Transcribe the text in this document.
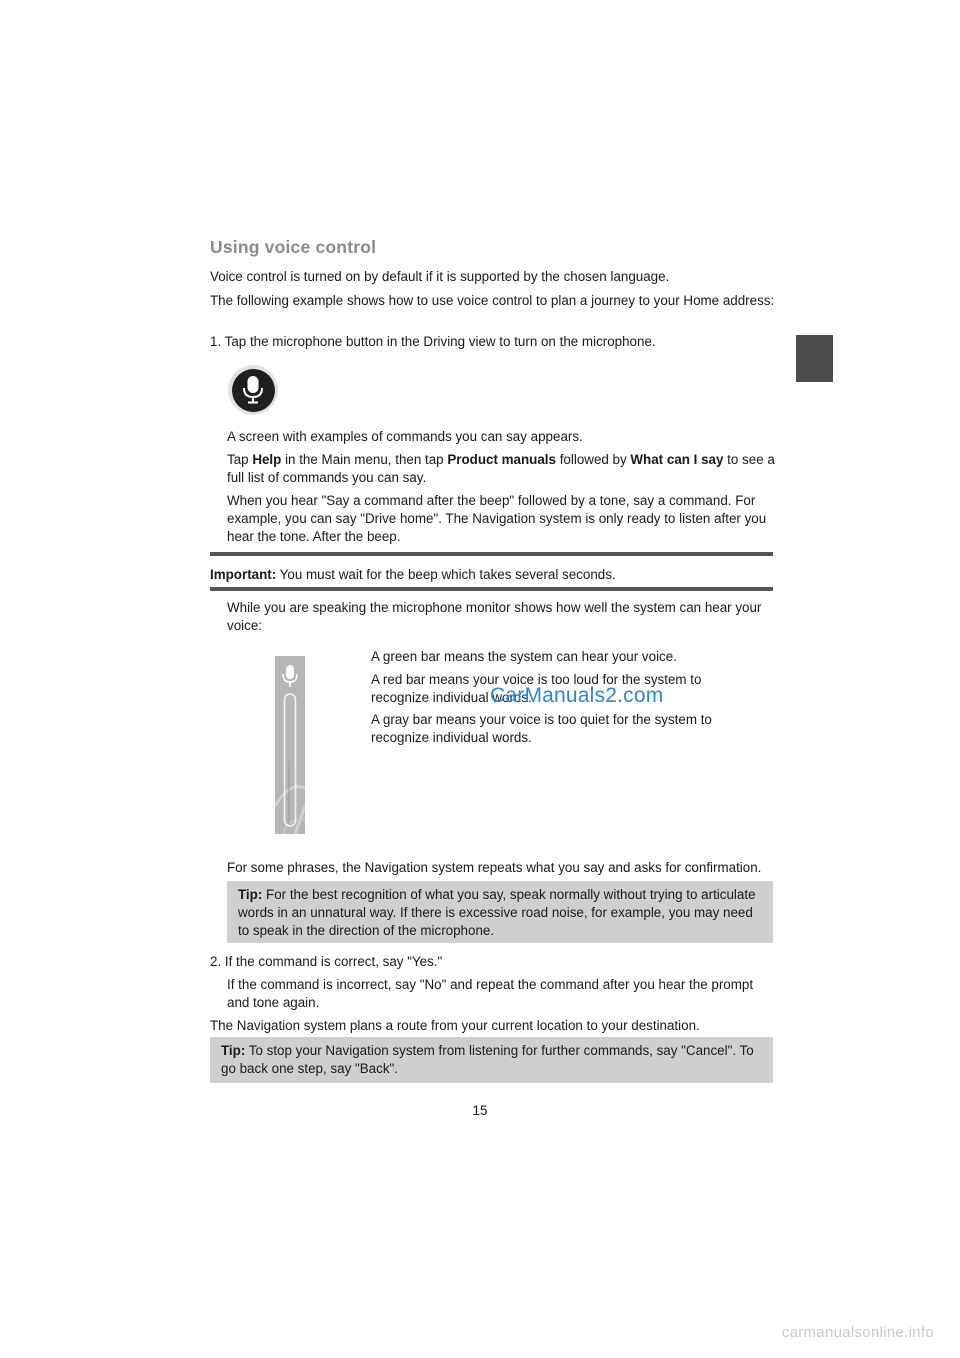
Using voice control

Voice control is turned on by default if it is supported by the chosen language.

The following example shows how to use voice control to plan a journey to your Home address:

1. Tap the microphone button in the Driving view to turn on the microphone.

A screen with examples of commands you can say appears.

Tap Help in the Main menu, then tap Product manuals followed by What can I say to see a full list of commands you can say.

When you hear "Say a command after the beep" followed by a tone, say a command. For example, you can say "Drive home". The Navigation system is only ready to listen after you hear the tone. After the beep.

Important: You must wait for the beep which takes several seconds.

While you are speaking the microphone monitor shows how well the system can hear your voice:

A green bar means the system can hear your voice.

A red bar means your voice is too loud for the system to recognize individual words.

A gray bar means your voice is too quiet for the system to recognize individual words.

CarManuals2.com

For some phrases, the Navigation system repeats what you say and asks for confirmation.

Tip: For the best recognition of what you say, speak normally without trying to articulate words in an unnatural way. If there is excessive road noise, for example, you may need to speak in the direction of the microphone.

2. If the command is correct, say "Yes."

If the command is incorrect, say "No" and repeat the command after you hear the prompt and tone again.

The Navigation system plans a route from your current location to your destination.

Tip: To stop your Navigation system from listening for further commands, say "Cancel". To go back one step, say "Back".

15
carmanualsonline.info
